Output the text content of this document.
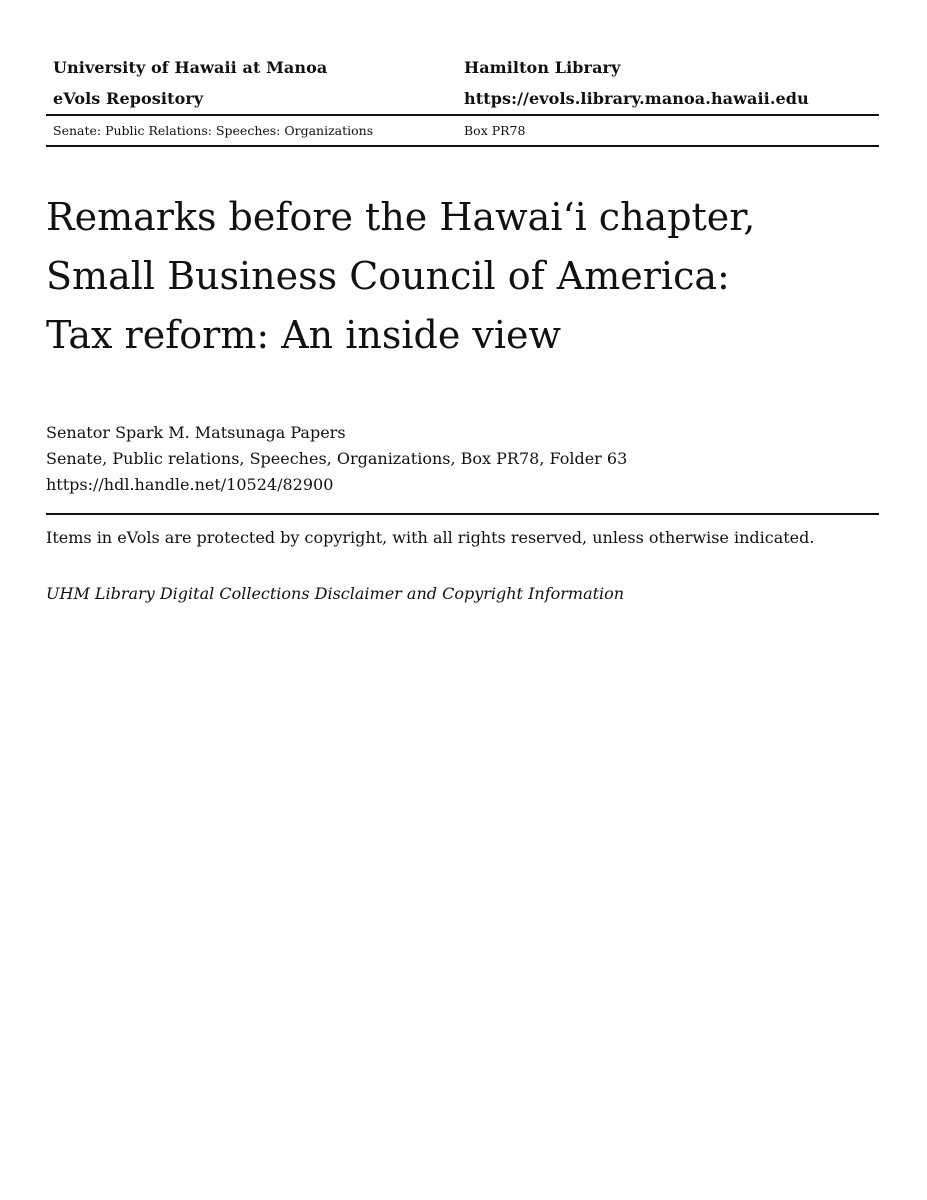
University of Hawaii at Manoa	Hamilton Library
eVols Repository	https://evols.library.manoa.hawaii.edu
Senate: Public Relations: Speeches: Organizations	Box PR78
Remarks before the Hawaiʻi chapter,
Small Business Council of America:
Tax reform: An inside view
Senator Spark M. Matsunaga Papers
Senate, Public relations, Speeches, Organizations, Box PR78, Folder 63
https://hdl.handle.net/10524/82900
Items in eVols are protected by copyright, with all rights reserved, unless otherwise indicated.
UHM Library Digital Collections Disclaimer and Copyright Information
